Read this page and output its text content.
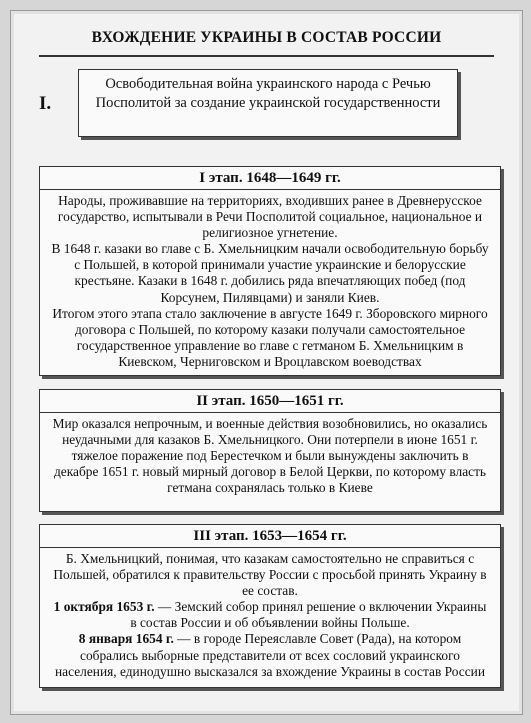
ВХОЖДЕНИЕ УКРАИНЫ В СОСТАВ РОССИИ
I.
Освободительная война украинского народа с Речью Посполитой за создание украинской государственности
I этап. 1648—1649 гг.

Народы, проживавшие на территориях, входивших ранее в Древнерусское государство, испытывали в Речи Посполитой социальное, национальное и религиозное угнетение.

В 1648 г. казаки во главе с Б. Хмельницким начали освободительную борьбу с Польшей, в которой принимали участие украинские и белорусские крестьяне. Казаки в 1648 г. добились ряда впечатляющих побед (под Корсунем, Пилявцами) и заняли Киев.

Итогом этого этапа стало заключение в августе 1649 г. Зборовского мирного договора с Польшей, по которому казаки получали самостоятельное государственное управление во главе с гетманом Б. Хмельницким в Киевском, Черниговском и Вроцлавском воеводствах

II этап. 1650—1651 гг.

Мир оказался непрочным, и военные действия возобновились, но оказались неудачными для казаков Б. Хмельницкого. Они потерпели в июне 1651 г. тяжелое поражение под Берестечком и были вынуждены заключить в декабре 1651 г. новый мирный договор в Белой Церкви, по которому власть гетмана сохранялась только в Киеве

III этап. 1653—1654 гг.

Б. Хмельницкий, понимая, что казакам самостоятельно не справиться с Польшей, обратился к правительству России с просьбой принять Украину в ее состав.

1 октября 1653 г. — Земский собор принял решение о включении Украины в состав России и об объявлении войны Польше.

8 января 1654 г. — в городе Переяславле Совет (Рада), на котором собрались выборные представители от всех сословий украинского населения, единодушно высказался за вхождение Украины в состав России
